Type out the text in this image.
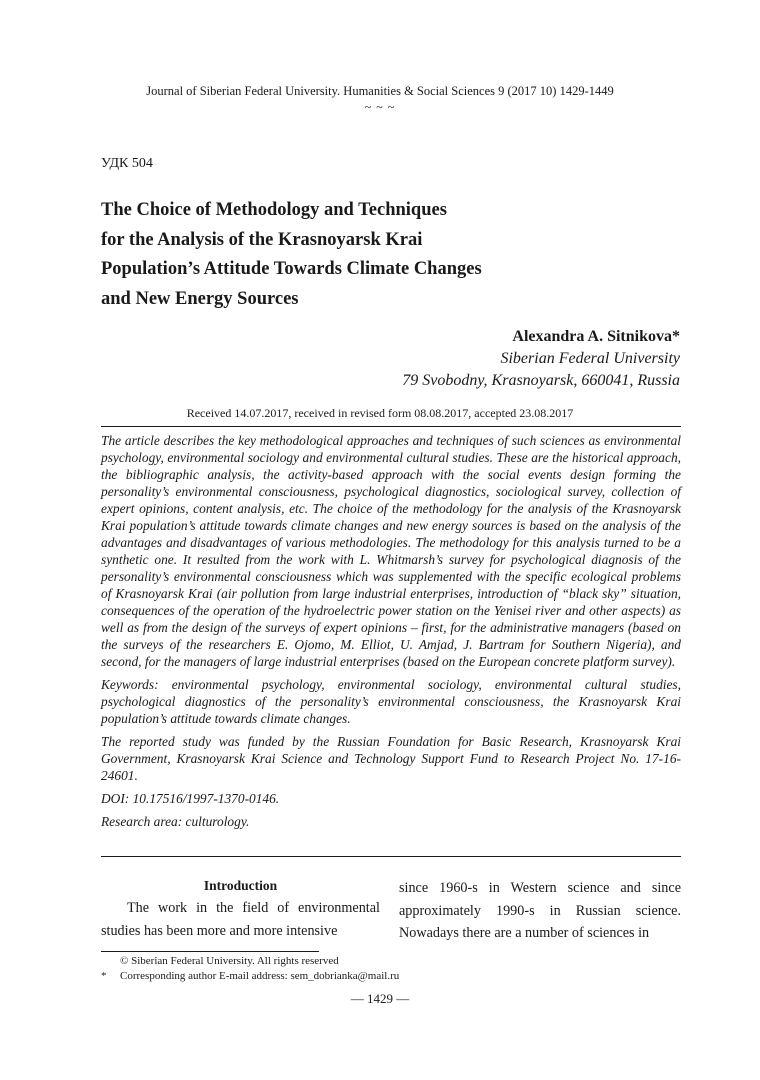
Journal of Siberian Federal University. Humanities & Social Sciences 9 (2017 10) 1429-1449
~ ~ ~
УДК 504
The Choice of Methodology and Techniques
for the Analysis of the Krasnoyarsk Krai
Population’s Attitude Towards Climate Changes
and New Energy Sources
Alexandra A. Sitnikova*
Siberian Federal University
79 Svobodny, Krasnoyarsk, 660041, Russia
Received 14.07.2017, received in revised form 08.08.2017, accepted 23.08.2017

The article describes the key methodological approaches and techniques of such sciences as environmental psychology, environmental sociology and environmental cultural studies. These are the historical approach, the bibliographic analysis, the activity-based approach with the social events design forming the personality’s environmental consciousness, psychological diagnostics, sociological survey, collection of expert opinions, content analysis, etc. The choice of the methodology for the analysis of the Krasnoyarsk Krai population’s attitude towards climate changes and new energy sources is based on the analysis of the advantages and disadvantages of various methodologies. The methodology for this analysis turned to be a synthetic one. It resulted from the work with L. Whitmarsh’s survey for psychological diagnosis of the personality’s environmental consciousness which was supplemented with the specific ecological problems of Krasnoyarsk Krai (air pollution from large industrial enterprises, introduction of “black sky” situation, consequences of the operation of the hydroelectric power station on the Yenisei river and other aspects) as well as from the design of the surveys of expert opinions – first, for the administrative managers (based on the surveys of the researchers E. Ojomo, M. Elliot, U. Amjad, J. Bartram for Southern Nigeria), and second, for the managers of large industrial enterprises (based on the European concrete platform survey).

Keywords: environmental psychology, environmental sociology, environmental cultural studies, psychological diagnostics of the personality’s environmental consciousness, the Krasnoyarsk Krai population’s attitude towards climate changes.

The reported study was funded by the Russian Foundation for Basic Research, Krasnoyarsk Krai Government, Krasnoyarsk Krai Science and Technology Support Fund to Research Project No. 17-16-24601.

DOI: 10.17516/1997-1370-0146.

Research area: culturology.

Introduction
The work in the field of environmental studies has been more and more intensive
since 1960-s in Western science and since approximately 1990-s in Russian science. Nowadays there are a number of sciences in
© Siberian Federal University. All rights reserved
* Corresponding author E-mail address: sem_dobrianka@mail.ru
— 1429 —
